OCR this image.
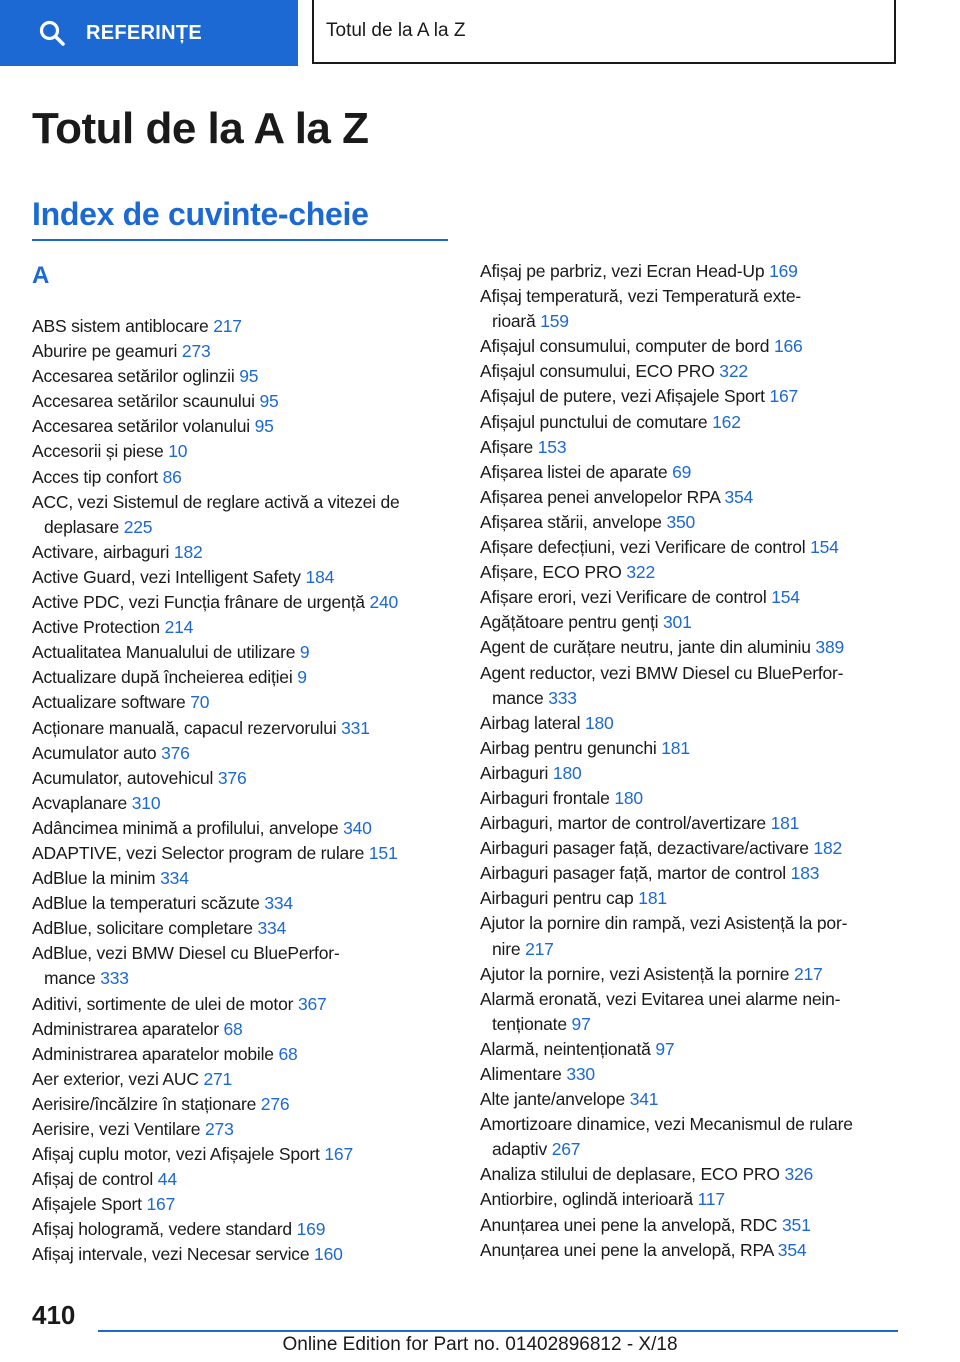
REFERINȚE	Totul de la A la Z
Totul de la A la Z
Index de cuvinte-cheie
A
ABS sistem antiblocare 217
Aburire pe geamuri 273
Accesarea setărilor oglinzii 95
Accesarea setărilor scaunului 95
Accesarea setărilor volanului 95
Accesorii și piese 10
Acces tip confort 86
ACC, vezi Sistemul de reglare activă a vitezei de
deplasare 225
Activare, airbaguri 182
Active Guard, vezi Intelligent Safety 184
Active PDC, vezi Funcția frânare de urgență 240
Active Protection 214
Actualitatea Manualului de utilizare 9
Actualizare după încheierea ediției 9
Actualizare software 70
Acționare manuală, capacul rezervorului 331
Acumulator auto 376
Acumulator, autovehicul 376
Acvaplanare 310
Adâncimea minimă a profilului, anvelope 340
ADAPTIVE, vezi Selector program de rulare 151
AdBlue la minim 334
AdBlue la temperaturi scăzute 334
AdBlue, solicitare completare 334
AdBlue, vezi BMW Diesel cu BluePerfor-
mance 333
Aditivi, sortimente de ulei de motor 367
Administrarea aparatelor 68
Administrarea aparatelor mobile 68
Aer exterior, vezi AUC 271
Aerisire/încălzire în staționare 276
Aerisire, vezi Ventilare 273
Afișaj cuplu motor, vezi Afișajele Sport 167
Afișaj de control 44
Afișajele Sport 167
Afișaj hologramă, vedere standard 169
Afișaj intervale, vezi Necesar service 160
Afișaj pe parbriz, vezi Ecran Head-Up 169
Afișaj temperatură, vezi Temperatură exte-
rioară 159
Afișajul consumului, computer de bord 166
Afișajul consumului, ECO PRO 322
Afișajul de putere, vezi Afișajele Sport 167
Afișajul punctului de comutare 162
Afișare 153
Afișarea listei de aparate 69
Afișarea penei anvelopelor RPA 354
Afișarea stării, anvelope 350
Afișare defecțiuni, vezi Verificare de control 154
Afișare, ECO PRO 322
Afișare erori, vezi Verificare de control 154
Agățătoare pentru genți 301
Agent de curățare neutru, jante din aluminiu 389
Agent reductor, vezi BMW Diesel cu BluePerfor-
mance 333
Airbag lateral 180
Airbag pentru genunchi 181
Airbaguri 180
Airbaguri frontale 180
Airbaguri, martor de control/avertizare 181
Airbaguri pasager față, dezactivare/activare 182
Airbaguri pasager față, martor de control 183
Airbaguri pentru cap 181
Ajutor la pornire din rampă, vezi Asistență la por-
nire 217
Ajutor la pornire, vezi Asistență la pornire 217
Alarmă eronată, vezi Evitarea unei alarme nein-
tenționate 97
Alarmă, neintenționată 97
Alimentare 330
Alte jante/anvelope 341
Amortizoare dinamice, vezi Mecanismul de rulare
adaptiv 267
Analiza stilului de deplasare, ECO PRO 326
Antiorbire, oglindă interioară 117
Anunțarea unei pene la anvelopă, RDC 351
Anunțarea unei pene la anvelopă, RPA 354
410
Online Edition for Part no. 01402896812 - X/18
